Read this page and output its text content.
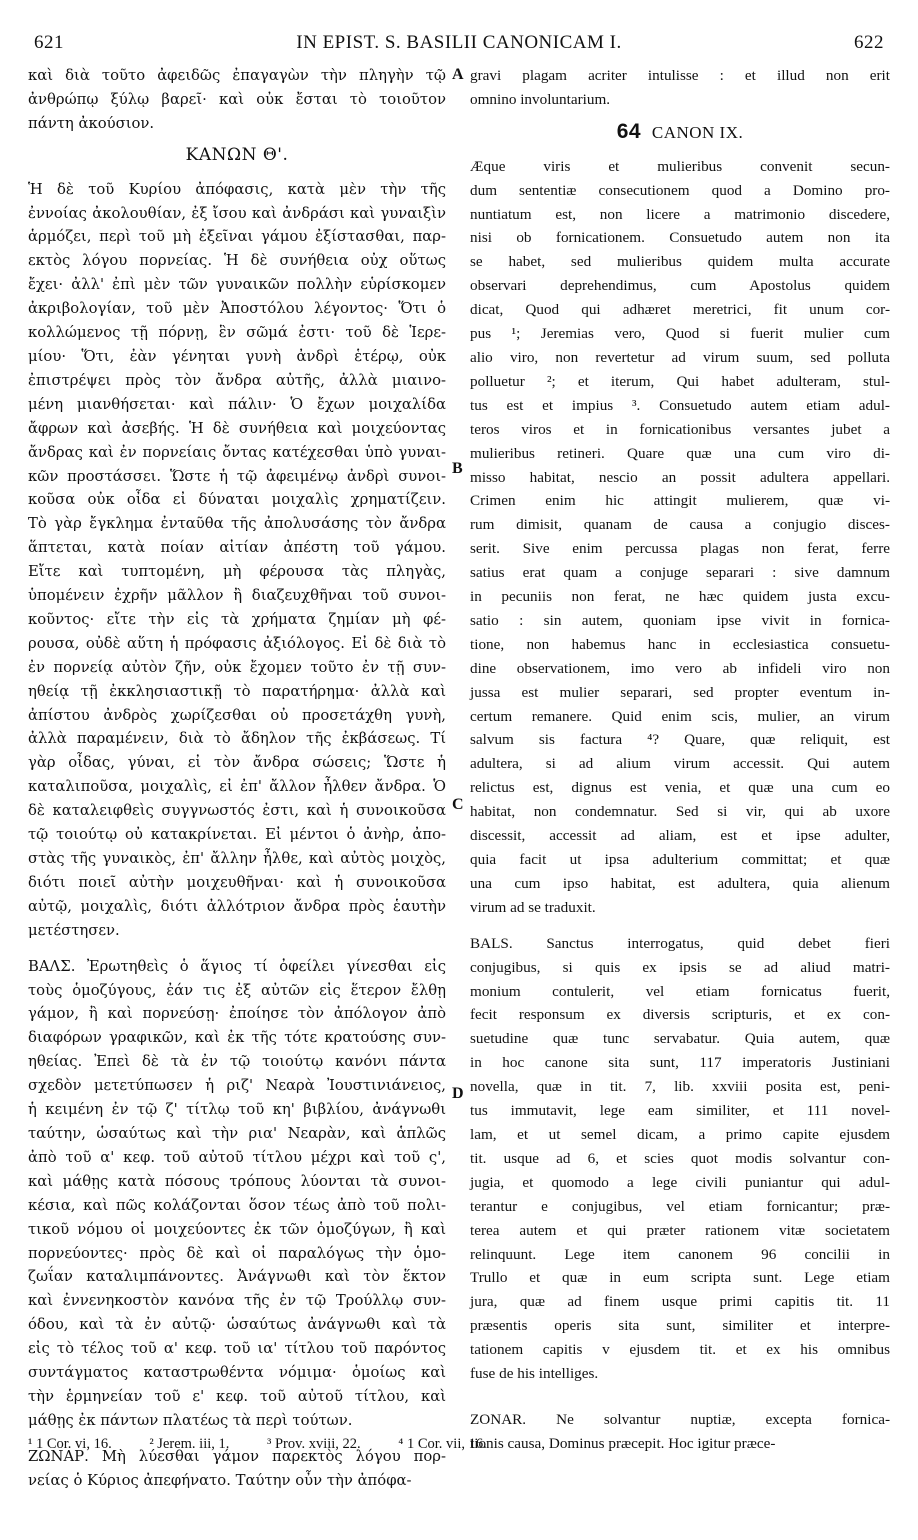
621	IN EPIST. S. BASILII CANONICAM I.	622
καὶ διὰ τοῦτο ἀφειδῶς ἐπαγαγὼν τὴν πληγὴν τῷ
ἀνθρώπῳ ξύλῳ βαρεῖ· καὶ οὐκ ἔσται τὸ τοιοῦτον
πάντη ἀκούσιον.
ΚΑΝΩΝ Θ'.
Ἡ δὲ τοῦ Κυρίου ἀπόφασις, κατὰ μὲν τὴν τῆς
ἐννοίας ἀκολουθίαν, ἐξ ἴσου καὶ ἀνδράσι καὶ γυναιξὶν
ἁρμόζει, περὶ τοῦ μὴ ἐξεῖναι γάμου ἐξίστασθαι, παρ-
εκτὸς λόγου πορνείας. Ἡ δὲ συνήθεια οὐχ οὕτως
ἔχει· ἀλλ' ἐπὶ μὲν τῶν γυναικῶν πολλὴν εὑρίσκομεν
ἀκριβολογίαν, τοῦ μὲν Ἀποστόλου λέγοντος· Ὅτι ὁ
κολλώμενος τῇ πόρνῃ, ἓν σῶμά ἐστι· τοῦ δὲ Ἱερε-
μίου· Ὅτι, ἐὰν γένηται γυνὴ ἀνδρὶ ἑτέρῳ, οὐκ
ἐπιστρέψει πρὸς τὸν ἄνδρα αὐτῆς, ἀλλὰ μιαινο-
μένη μιανθήσεται· καὶ πάλιν· Ὁ ἔχων μοιχαλίδα
ἄφρων καὶ ἀσεβής. Ἡ δὲ συνήθεια καὶ μοιχεύοντας
ἄνδρας καὶ ἐν πορνείαις ὄντας κατέχεσθαι ὑπὸ γυναι-
κῶν προστάσσει. Ὥστε ἡ τῷ ἀφειμένῳ ἀνδρὶ συνοι-
κοῦσα οὐκ οἶδα εἰ δύναται μοιχαλὶς χρηματίζειν.
Τὸ γὰρ ἔγκλημα ἐνταῦθα τῆς ἀπολυσάσης τὸν ἄνδρα
ἅπτεται, κατὰ ποίαν αἰτίαν ἀπέστη τοῦ γάμου.
Εἴτε καὶ τυπτομένη, μὴ φέρουσα τὰς πληγὰς,
ὑπομένειν ἐχρῆν μᾶλλον ἢ διαζευχθῆναι τοῦ συνοι-
κοῦντος· εἴτε τὴν εἰς τὰ χρήματα ζημίαν μὴ φέ-
ρουσα, οὐδὲ αὕτη ἡ πρόφασις ἀξιόλογος. Εἰ δὲ διὰ τὸ
ἐν πορνείᾳ αὐτὸν ζῆν, οὐκ ἔχομεν τοῦτο ἐν τῇ συν-
ηθείᾳ τῇ ἐκκλησιαστικῇ τὸ παρατήρημα· ἀλλὰ καὶ
ἀπίστου ἀνδρὸς χωρίζεσθαι οὐ προσετάχθη γυνὴ,
ἀλλὰ παραμένειν, διὰ τὸ ἄδηλον τῆς ἐκβάσεως. Τί
γὰρ οἶδας, γύναι, εἰ τὸν ἄνδρα σώσεις; Ὥστε ἡ
καταλιποῦσα, μοιχαλὶς, εἰ ἐπ' ἄλλον ἦλθεν ἄνδρα. Ὁ
δὲ καταλειφθεὶς συγγνωστός ἐστι, καὶ ἡ συνοικοῦσα
τῷ τοιούτῳ οὐ κατακρίνεται. Εἰ μέντοι ὁ ἀνὴρ, ἀπο-
στὰς τῆς γυναικὸς, ἐπ' ἄλλην ἦλθε, καὶ αὐτὸς μοιχὸς,
διότι ποιεῖ αὐτὴν μοιχευθῆναι· καὶ ἡ συνοικοῦσα
αὐτῷ, μοιχαλὶς, διότι ἀλλότριον ἄνδρα πρὸς ἑαυτὴν
μετέστησεν.
ΒΑΛΣ. Ἐρωτηθεὶς ὁ ἅγιος τί ὀφείλει γίνεσθαι εἰς
τοὺς ὁμοζύγους, ἐάν τις ἐξ αὐτῶν εἰς ἕτερον ἔλθῃ
γάμον, ἢ καὶ πορνεύσῃ· ἐποίησε τὸν ἀπόλογον ἀπὸ
διαφόρων γραφικῶν, καὶ ἐκ τῆς τότε κρατούσης συν-
ηθείας. Ἐπεὶ δὲ τὰ ἐν τῷ τοιούτῳ κανόνι πάντα
σχεδὸν μετετύπωσεν ἡ ριζ' Νεαρὰ Ἰουστινιάνειος,
ἡ κειμένη ἐν τῷ ζ' τίτλῳ τοῦ κη' βιβλίου, ἀνάγνωθι
ταύτην, ὡσαύτως καὶ τὴν ρια' Νεαρὰν, καὶ ἁπλῶς
ἀπὸ τοῦ α' κεφ. τοῦ αὐτοῦ τίτλου μέχρι καὶ τοῦ ς',
καὶ μάθῃς κατὰ πόσους τρόπους λύονται τὰ συνοι-
κέσια, καὶ πῶς κολάζονται ὅσον τέως ἀπὸ τοῦ πολι-
τικοῦ νόμου οἱ μοιχεύοντες ἐκ τῶν ὁμοζύγων, ἢ καὶ
πορνεύοντες· πρὸς δὲ καὶ οἱ παραλόγως τὴν ὁμο-
ζωΐαν καταλιμπάνοντες. Ἀνάγνωθι καὶ τὸν ἕκτον
καὶ ἐννενηκοστὸν κανόνα τῆς ἐν τῷ Τρούλλῳ συν-
όδου, καὶ τὰ ἐν αὐτῷ· ὡσαύτως ἀνάγνωθι καὶ τὰ
εἰς τὸ τέλος τοῦ α' κεφ. τοῦ ια' τίτλου τοῦ παρόντος
συντάγματος καταστρωθέντα νόμιμα· ὁμοίως καὶ
τὴν ἑρμηνείαν τοῦ ε' κεφ. τοῦ αὐτοῦ τίτλου, καὶ
μάθῃς ἐκ πάντων πλατέως τὰ περὶ τούτων.
ΖΩΝΑΡ. Μὴ λύεσθαι γάμον παρεκτὸς λόγου πορ-
νείας ὁ Κύριος ἀπεφήνατο. Ταύτην οὖν τὴν ἀπόφα-
gravi plagam acriter intulisse : et illud non erit
omnino involuntarium.
64 CANON IX.
Æque viris et mulieribus convenit secun-
dum sententiæ consecutionem quod a Domino pro-
nuntiatum est, non licere a matrimonio discedere,
nisi ob fornicationem. Consuetudo autem non ita
se habet, sed mulieribus quidem multa accurate
observari deprehendimus, cum Apostolus quidem
dicat, Quod qui adhæret meretrici, fit unum cor-
pus ¹; Jeremias vero, Quod si fuerit mulier cum
alio viro, non revertetur ad virum suum, sed polluta
polluetur ²; et iterum, Qui habet adulteram, stul-
tus est et impius ³. Consuetudo autem etiam adul-
teros viros et in fornicationibus versantes jubet a
mulieribus retineri. Quare quæ una cum viro di-
misso habitat, nescio an possit adultera appellari.
Crimen enim hic attingit mulierem, quæ vi-
rum dimisit, quanam de causa a conjugio disces-
serit. Sive enim percussa plagas non ferat, ferre
satius erat quam a conjuge separari : sive damnum
in pecuniis non ferat, ne hæc quidem justa excu-
satio : sin autem, quoniam ipse vivit in fornica-
tione, non habemus hanc in ecclesiastica consuetu-
dine observationem, imo vero ab infideli viro non
jussa est mulier separari, sed propter eventum in-
certum remanere. Quid enim scis, mulier, an virum
salvum sis factura ⁴? Quare, quæ reliquit, est
adultera, si ad alium virum accessit. Qui autem
relictus est, dignus est venia, et quæ una cum eo
habitat, non condemnatur. Sed si vir, qui ab uxore
discessit, accessit ad aliam, est et ipse adulter,
quia facit ut ipsa adulterium committat; et quæ
una cum ipso habitat, est adultera, quia alienum
virum ad se traduxit.
BALS. Sanctus interrogatus, quid debet fieri
conjugibus, si quis ex ipsis se ad aliud matri-
monium contulerit, vel etiam fornicatus fuerit,
fecit responsum ex diversis scripturis, et ex con-
suetudine quæ tunc servabatur. Quia autem, quæ
in hoc canone sita sunt, 117 imperatoris Justiniani
novella, quæ in tit. 7, lib. xxviii posita est, peni-
tus immutavit, lege eam similiter, et 111 novel-
lam, et ut semel dicam, a primo capite ejusdem
tit. usque ad 6, et scies quot modis solvantur con-
jugia, et quomodo a lege civili puniantur qui adul-
terantur e conjugibus, vel etiam fornicantur; præ-
terea autem et qui præter rationem vitæ societatem
relinquunt. Lege item canonem 96 concilii in
Trullo et quæ in eum scripta sunt. Lege etiam
jura, quæ ad finem usque primi capitis tit. 11
præsentis operis sita sunt, similiter et interpre-
tationem capitis v ejusdem tit. et ex his omnibus
fuse de his intelliges.
ZONAR. Ne solvantur nuptiæ, excepta fornica-
tionis causa, Dominus præcepit. Hoc igitur præce-
A
B
C
D
¹ 1 Cor. vi, 16.	² Jerem. iii, 1.	³ Prov. xviii, 22.	⁴ 1 Cor. vii, 16.
